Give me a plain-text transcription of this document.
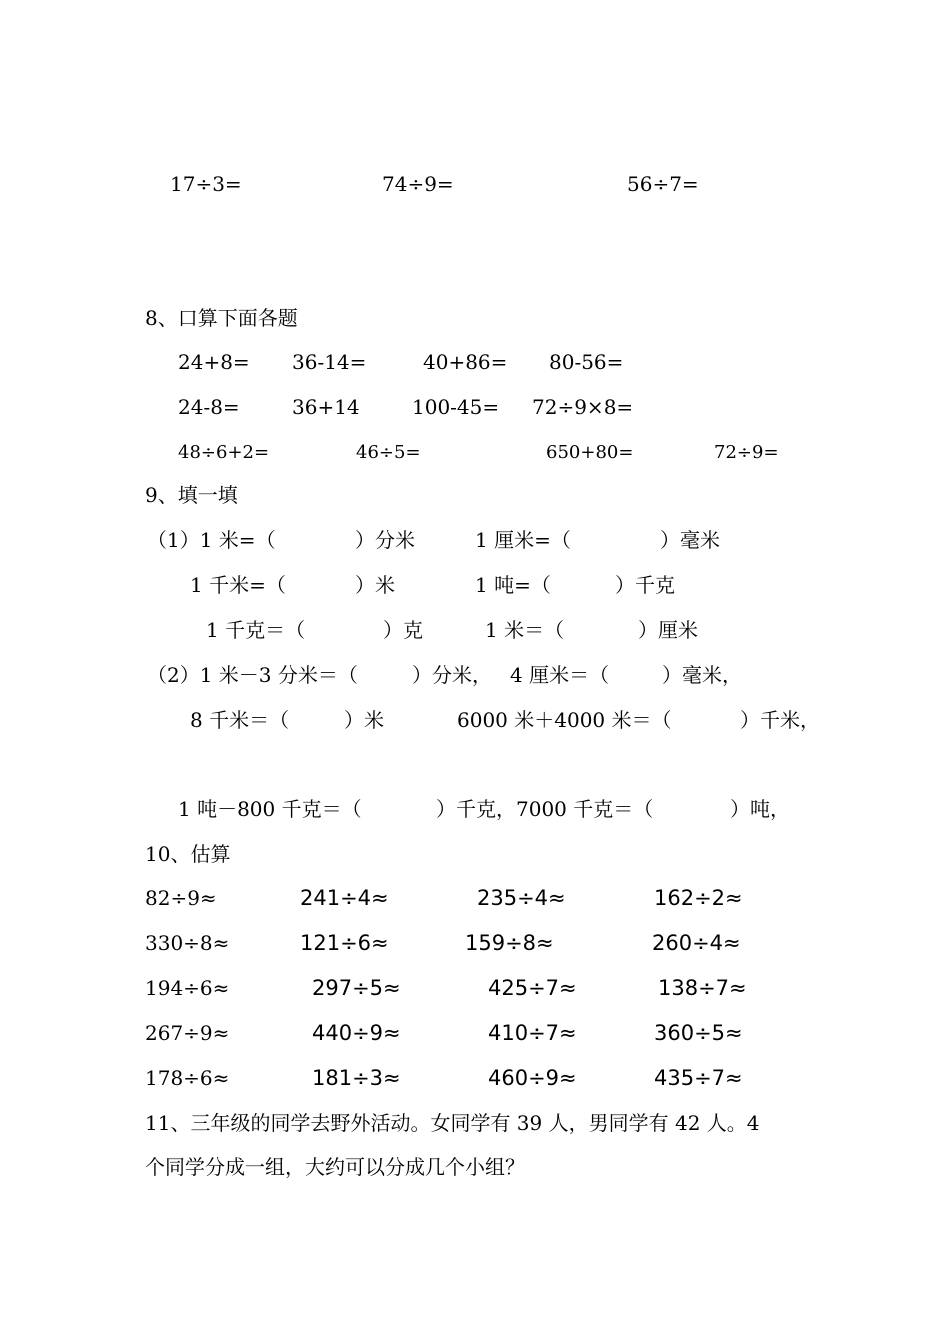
17÷3=	74÷9=	56÷7=
8、口算下面各题
24+8= 36-14=	40+86= 80-56=
24-8=	36+14	100-45= 72÷9×8=
48÷6+2=	46÷5=	650+80=	72÷9=
9、填一填
（1）1 米=（	）分米	1 厘米=（	）毫米
1 千米=（	）米	1 吨=（	）千克
1 千克＝（	）克	1 米＝（	）厘米
（2）1 米－3 分米＝（	）分米， 4 厘米＝（	）毫米，
8 千米＝（	）米	6000 米＋4000 米＝（	）千米，
1 吨－800 千克＝（	）千克，7000 千克＝（	）吨，
10、估算
82÷9≈	241÷4≈	235÷4≈	162÷2≈
330÷8≈	121÷6≈	159÷8≈	260÷4≈
194÷6≈	297÷5≈	425÷7≈	138÷7≈
267÷9≈	440÷9≈	410÷7≈	360÷5≈
178÷6≈	181÷3≈	460÷9≈	435÷7≈
11、三年级的同学去野外活动。女同学有 39 人，男同学有 42 人。4
个同学分成一组，大约可以分成几个小组？
